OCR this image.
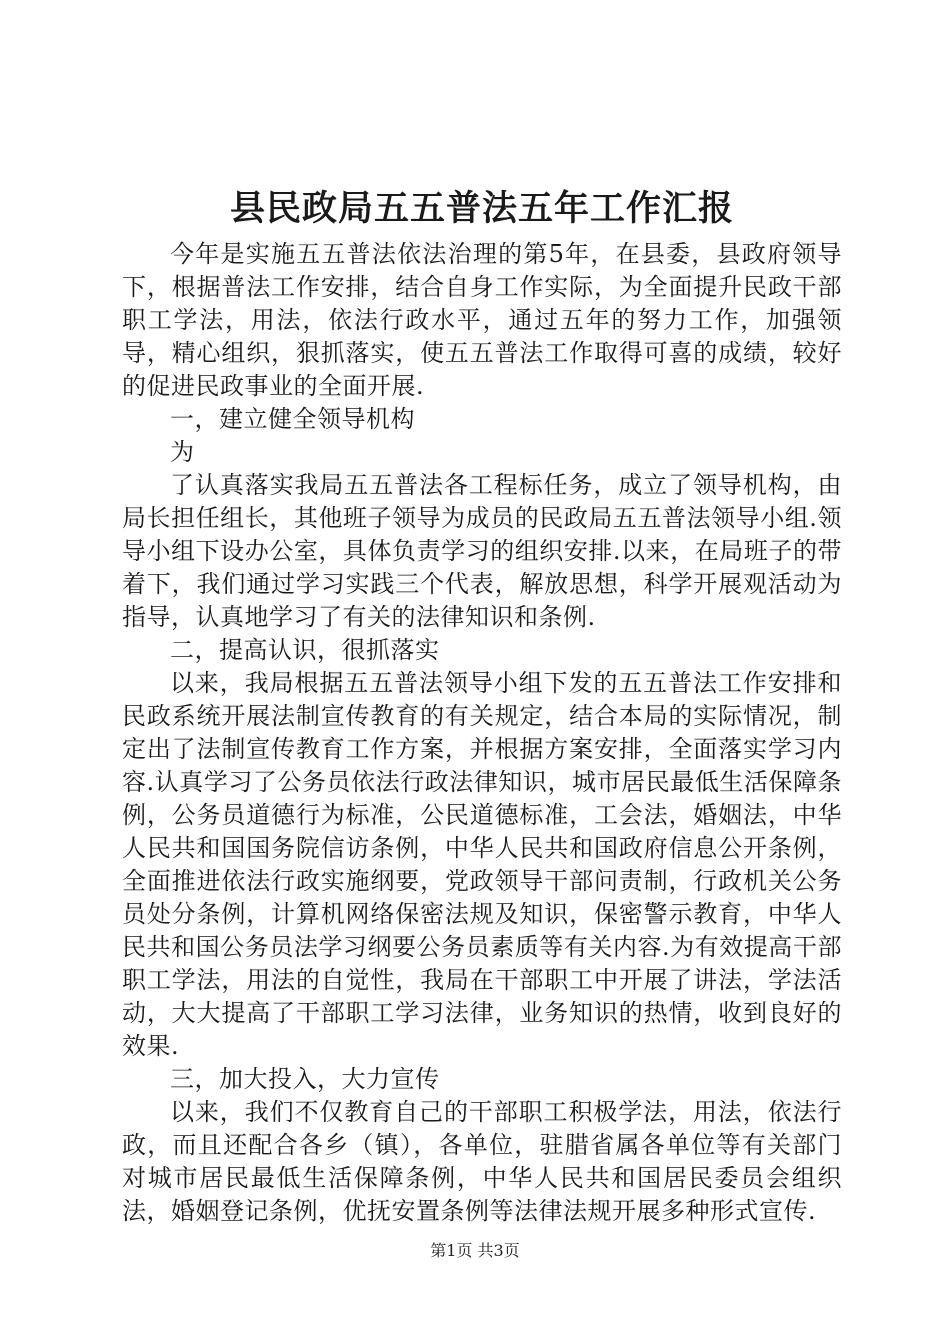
县民政局五五普法五年工作汇报

今年是实施五五普法依法治理的第5年，在县委，县政府领导下，根据普法工作安排，结合自身工作实际，为全面提升民政干部职工学法，用法，依法行政水平，通过五年的努力工作，加强领导，精心组织，狠抓落实，使五五普法工作取得可喜的成绩，较好的促进民政事业的全面开展.

一，建立健全领导机构

为

了认真落实我局五五普法各工程标任务，成立了领导机构，由局长担任组长，其他班子领导为成员的民政局五五普法领导小组.领导小组下设办公室，具体负责学习的组织安排.以来，在局班子的带着下，我们通过学习实践三个代表，解放思想，科学开展观活动为指导，认真地学习了有关的法律知识和条例.

二，提高认识，很抓落实

以来，我局根据五五普法领导小组下发的五五普法工作安排和民政系统开展法制宣传教育的有关规定，结合本局的实际情况，制定出了法制宣传教育工作方案，并根据方案安排，全面落实学习内容.认真学习了公务员依法行政法律知识，城市居民最低生活保障条例，公务员道德行为标准，公民道德标准，工会法，婚姻法，中华人民共和国国务院信访条例，中华人民共和国政府信息公开条例，全面推进依法行政实施纲要，党政领导干部问责制，行政机关公务员处分条例，计算机网络保密法规及知识，保密警示教育，中华人民共和国公务员法学习纲要公务员素质等有关内容.为有效提高干部职工学法，用法的自觉性，我局在干部职工中开展了讲法，学法活动，大大提高了干部职工学习法律，业务知识的热情，收到良好的效果.

三，加大投入，大力宣传

以来，我们不仅教育自己的干部职工积极学法，用法，依法行政，而且还配合各乡（镇），各单位，驻腊省属各单位等有关部门对城市居民最低生活保障条例，中华人民共和国居民委员会组织法，婚姻登记条例，优抚安置条例等法律法规开展多种形式宣传.

第1页 共3页
